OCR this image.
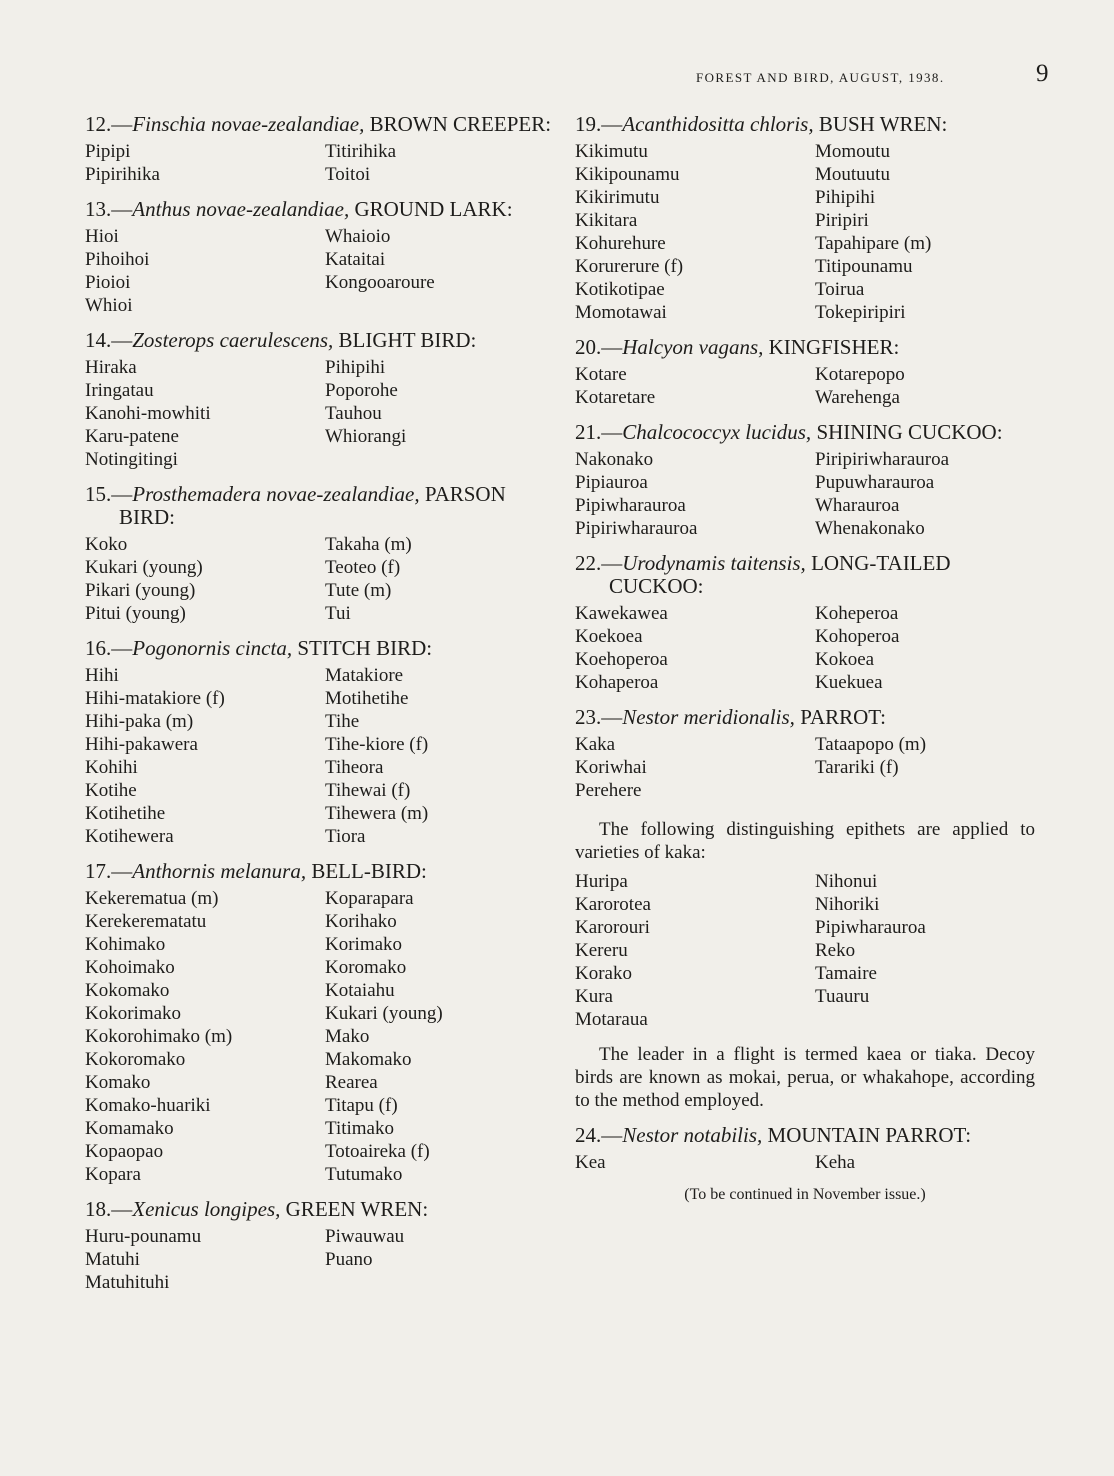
FOREST AND BIRD, AUGUST, 1938.	9
12.—Finschia novae-zealandiae, BROWN CREEPER:
Pipipi	Titirihika
Pipirihika	Toitoi
13.—Anthus novae-zealandiae, GROUND LARK:
Hioi	Whaioio
Pihoihoi	Kataitai
Pioioi	Kongooaroure
Whioi
14.—Zosterops caerulescens, BLIGHT BIRD:
Hiraka	Pihipihi
Iringatau	Poporohe
Kanohi-mowhiti	Tauhou
Karu-patene	Whiorangi
Notingitingi
15.—Prosthemadera novae-zealandiae, PARSON BIRD:
Koko	Takaha (m)
Kukari (young)	Teoteo (f)
Pikari (young)	Tute (m)
Pitui (young)	Tui
16.—Pogonornis cincta, STITCH BIRD:
Hihi	Matakiore
Hihi-matakiore (f)	Motihetihe
Hihi-paka (m)	Tihe
Hihi-pakawera	Tihe-kiore (f)
Kohihi	Tiheora
Kotihe	Tihewai (f)
Kotihetihe	Tihewera (m)
Kotihewera	Tiora
17.—Anthornis melanura, BELL-BIRD:
Kekerematua (m)	Koparapara
Kerekerematatu	Korihako
Kohimako	Korimako
Kohoimako	Koromako
Kokomako	Kotaiahu
Kokorimako	Kukari (young)
Kokorohimako (m)	Mako
Kokoromako	Makomako
Komako	Rearea
Komako-huariki	Titapu (f)
Komamako	Titimako
Kopaopao	Totoaireka (f)
Kopara	Tutumako
18.—Xenicus longipes, GREEN WREN:
Huru-pounamu	Piwauwau
Matuhi	Puano
Matuhituhi
19.—Acanthidositta chloris, BUSH WREN:
Kikimutu	Momoutu
Kikipounamu	Moutuutu
Kikirimutu	Pihipihi
Kikitara	Piripiri
Kohurehure	Tapahipare (m)
Korurerure (f)	Titipounamu
Kotikotipae	Toirua
Momotawai	Tokepiripiri
20.—Halcyon vagans, KINGFISHER:
Kotare	Kotarepopo
Kotaretare	Warehenga
21.—Chalcococcyx lucidus, SHINING CUCKOO:
Nakonako	Piripiriwharauroa
Pipiauroa	Pupuwharauroa
Pipiwharauroa	Wharauroa
Pipiriwharauroa	Whenakonako
22.—Urodynamis taitensis, LONG-TAILED CUCKOO:
Kawekawea	Koheperoa
Koekoea	Kohoperoa
Koehoperoa	Kokoea
Kohaperoa	Kuekuea
23.—Nestor meridionalis, PARROT:
Kaka	Tataapopo (m)
Koriwhai	Tarariki (f)
Perehere
The following distinguishing epithets are applied to varieties of kaka:
Huripa	Nihonui
Karorotea	Nihoriki
Karorouri	Pipiwharauroa
Kereru	Reko
Korako	Tamaire
Kura	Tuauru
Motaraua
The leader in a flight is termed kaea or tiaka. Decoy birds are known as mokai, perua, or whakahope, according to the method employed.
24.—Nestor notabilis, MOUNTAIN PARROT:
Kea	Keha
(To be continued in November issue.)
